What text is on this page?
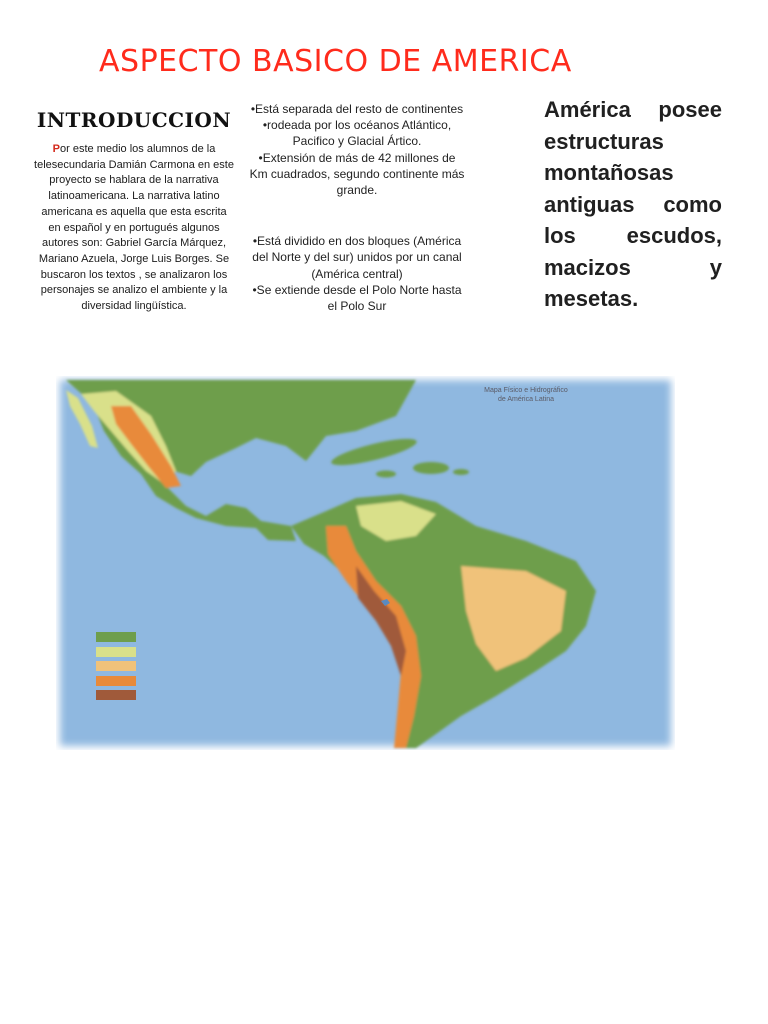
ASPECTO BASICO DE AMERICA
INTRODUCCION
Por este medio los alumnos de la telesecundaria Damián Carmona en este proyecto se hablara de la narrativa latinoamericana. La narrativa latino americana es aquella que esta escrita en español y en portugués algunos autores son: Gabriel García Márquez, Mariano Azuela, Jorge Luis Borges. Se buscaron los textos , se analizaron los personajes se analizo el ambiente y la diversidad lingüística.

•Está separada del resto de continentes

•rodeada por los océanos Atlántico, Pacifico y Glacial Ártico.

•Extensión de más de 42 millones de Km cuadrados, segundo continente más grande.

•Está dividido en dos bloques (América del Norte y del sur) unidos por un canal (América central)

•Se extiende desde el Polo Norte hasta el Polo Sur

América posee
estructuras
montañosas
antiguas como
los escudos,
macizos y
mesetas.
Mapa Físico e Hidrográfico
de América Latina
